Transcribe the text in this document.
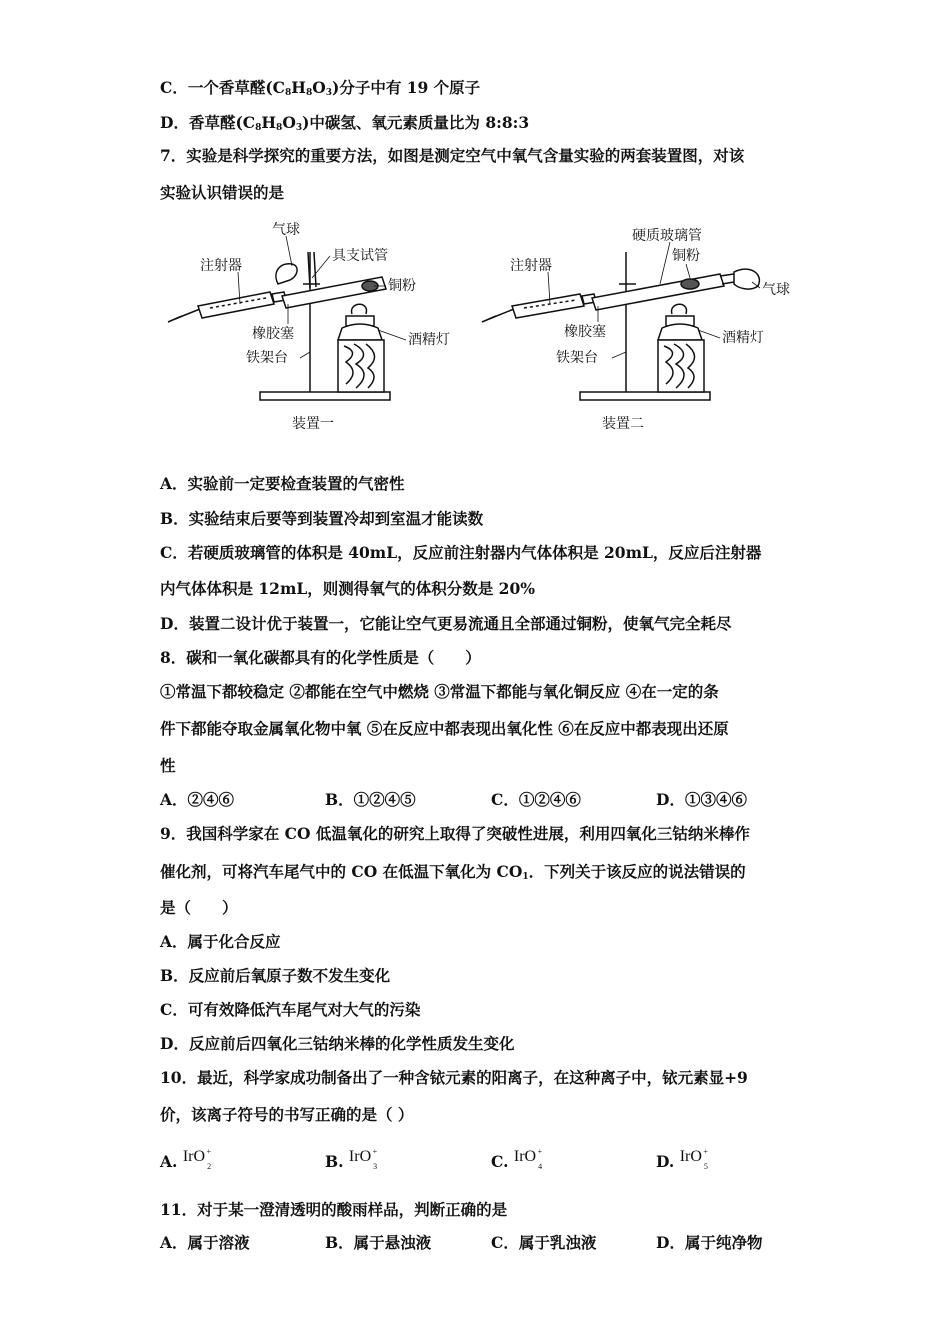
C．一个香草醛$(C_8H_8O_3)$分子中有 19 个原子
D．香草醛$(C_8H_8O_3)$中碳氢、氧元素质量比为 8:8:3
7．实验是科学探究的重要方法，如图是测定空气中氧气含量实验的两套装置图，对该
实验认识错误的是
气球
具支试管
注射器
铜粉
橡胶塞	酒精灯
铁架台
装置一
硬质玻璃管
铜粉
注射器
气球
橡胶塞	酒精灯
铁架台
装置二
A．实验前一定要检查装置的气密性
B．实验结束后要等到装置冷却到室温才能读数
C．若硬质玻璃管的体积是 40mL，反应前注射器内气体体积是 20mL，反应后注射器
内气体体积是 12mL，则测得氧气的体积分数是 20%
D．装置二设计优于装置一，它能让空气更易流通且全部通过铜粉，使氧气完全耗尽
8．碳和一氧化碳都具有的化学性质是（　　）
①常温下都较稳定 ②都能在空气中燃烧 ③常温下都能与氧化铜反应 ④在一定的条
件下都能夺取金属氧化物中氧 ⑤在反应中都表现出氧化性 ⑥在反应中都表现出还原
性
A．②④⑥	B．①②④⑤	C．①②④⑥	D．①③④⑥
9．我国科学家在 CO 低温氧化的研究上取得了突破性进展，利用四氧化三钴纳米棒作
催化剂，可将汽车尾气中的 CO 在低温下氧化为 $CO_1$．下列关于该反应的说法错误的
是（　　）
A．属于化合反应
B．反应前后氧原子数不发生变化
C．可有效降低汽车尾气对大气的污染
D．反应前后四氧化三钴纳米棒的化学性质发生变化
10．最近，科学家成功制备出了一种含铱元素的阳离子，在这种离子中，铱元素显+9
价，该离子符号的书写正确的是（ ）
A. IrO +
2	B. IrO +
3	C. IrO +
4	D. IrO +
5
11．对于某一澄清透明的酸雨样品，判断正确的是
A．属于溶液	B．属于悬浊液	C．属于乳浊液	D．属于纯净物
